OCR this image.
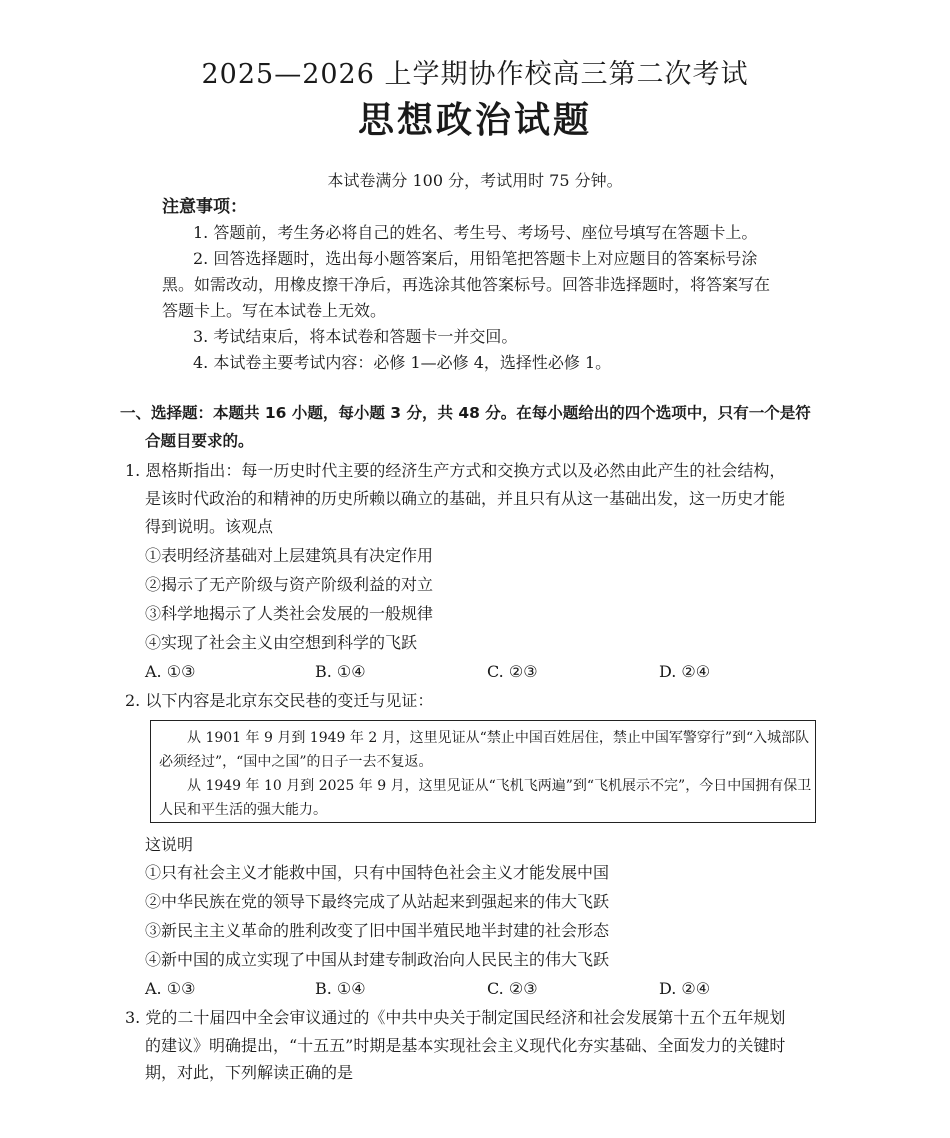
2025—2026 上学期协作校高三第二次考试
思想政治试题
本试卷满分 100 分，考试用时 75 分钟。
注意事项：
1. 答题前，考生务必将自己的姓名、考生号、考场号、座位号填写在答题卡上。
2. 回答选择题时，选出每小题答案后，用铅笔把答题卡上对应题目的答案标号涂
黑。如需改动，用橡皮擦干净后，再选涂其他答案标号。回答非选择题时，将答案写在
答题卡上。写在本试卷上无效。
3. 考试结束后，将本试卷和答题卡一并交回。
4. 本试卷主要考试内容：必修 1—必修 4，选择性必修 1。
一、选择题：本题共 16 小题，每小题 3 分，共 48 分。在每小题给出的四个选项中，只有一个是符
合题目要求的。
1. 恩格斯指出：每一历史时代主要的经济生产方式和交换方式以及必然由此产生的社会结构，
是该时代政治的和精神的历史所赖以确立的基础，并且只有从这一基础出发，这一历史才能
得到说明。该观点
①表明经济基础对上层建筑具有决定作用
②揭示了无产阶级与资产阶级利益的对立
③科学地揭示了人类社会发展的一般规律
④实现了社会主义由空想到科学的飞跃
A. ①③	B. ①④	C. ②③	D. ②④
2. 以下内容是北京东交民巷的变迁与见证：
从 1901 年 9 月到 1949 年 2 月，这里见证从“禁止中国百姓居住，禁止中国军警穿行”到“入城部队
必须经过”，“国中之国”的日子一去不复返。
从 1949 年 10 月到 2025 年 9 月，这里见证从“飞机飞两遍”到“飞机展示不完”，今日中国拥有保卫
人民和平生活的强大能力。
这说明
①只有社会主义才能救中国，只有中国特色社会主义才能发展中国
②中华民族在党的领导下最终完成了从站起来到强起来的伟大飞跃
③新民主主义革命的胜利改变了旧中国半殖民地半封建的社会形态
④新中国的成立实现了中国从封建专制政治向人民民主的伟大飞跃
A. ①③	B. ①④	C. ②③	D. ②④
3. 党的二十届四中全会审议通过的《中共中央关于制定国民经济和社会发展第十五个五年规划
的建议》明确提出，“十五五”时期是基本实现社会主义现代化夯实基础、全面发力的关键时
期，对此，下列解读正确的是
